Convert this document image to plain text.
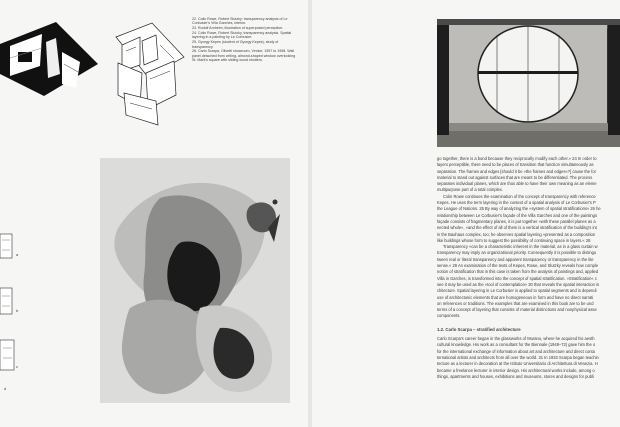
22. Colin Rowe, Robert Slutzky: transparency analysis of Le Corbusier's Villa Garches, interior.

23. Rudolf Arnheim, illustration of superposed perception.

24. Colin Rowe, Robert Slutzky, transparency analysis. Spatial layering in a painting by Le Corbusier.

25. Gyorgy Kepes (student of Gyorgy Kepes), study of transparency

26. Carlo Scarpa, Olivetti showroom, Venice, 1957 to 1958. Wall panel detached from ceiling, almond-shaped window overlooking St. Mark's square with sliding wood shutters.

a
b
c
d

go together, there is a bond because they reciprocally modify each other.» 24 In order to

layers perceptible, there need to be places of transition that function simultaneously as

separation. The frames and edges [should it be »the frames and edges«?] cause the for

material to stand out against surfaces that are meant to be differentiated. The process

separates individual planes, which are thus able to have their own meaning as an eleme

multipurpose part of a total complex.

Colin Rowe continues the examination of the concept of transparency with reference

Kepes. He uses the term layering in the context of a spatial analysis of Le Corbusier's P

the League of Nations. 25 By way of analyzing the »system of spatial stratifications« 26 he

relationship between Le Corbusier's façade of the Villa Garches and one of the paintings

façade consists of fragmentary planes, it is put together »with these parallel planes as a

nected whole«, »and the effect of all of them is a vertical stratification of the building's int

in the Bauhaus complex, too; he observes spatial layering »presented as a composition

like buildings whose form to suggest the possibility of continuing space in layers.« 28

Transparency »can be a characteristic inherent in the material, as in a glass curtain w

transparency may imply an organizational priority. Consequently it is possible to distingu

tween real or literal transparency and apparent transparency or transparency in the lite

sense.« 29 An examination of the texts of Kepes, Rowe, and Slutzky reveals how comple

notion of stratification that in this case is taken from the analysis of paintings and, applied

Villa in Garches, is transformed into the concept of spatial stratification. »Stratification« c

see it may be used as the »tool of contemplation« 30 that reveals the spatial interaction in

chitecture. Spatial layering in Le Corbusier is applied to spatial segments and is dependi

use of architectonic elements that are homogeneous in form and have no direct narrati

on references or traditions. The examples that are examined in this book are to be und

terms of a concept of layering that consists of material distinctions and nonphysical asse

components.

1.2. Carlo Scarpa – stratified architecture

Carlo Scarpa's career began in the glassworks of Murano, where he acquired his aesth

cultural knowledge. His work as a consultant for the Biennale (1948–72) gave him the o

for the international exchange of information about art and architecture and direct conta

ternational artists and architects from all over the world. 31 In 1933 Scarpa began teachin

tecture as a lecturer in decoration at the Istituto Universitario di Architettura di Venezia. H

became a freelance lecturer in interior design. His architectural works include, among o

things, apartments and houses, exhibitions and museums, stores and designs for publi
